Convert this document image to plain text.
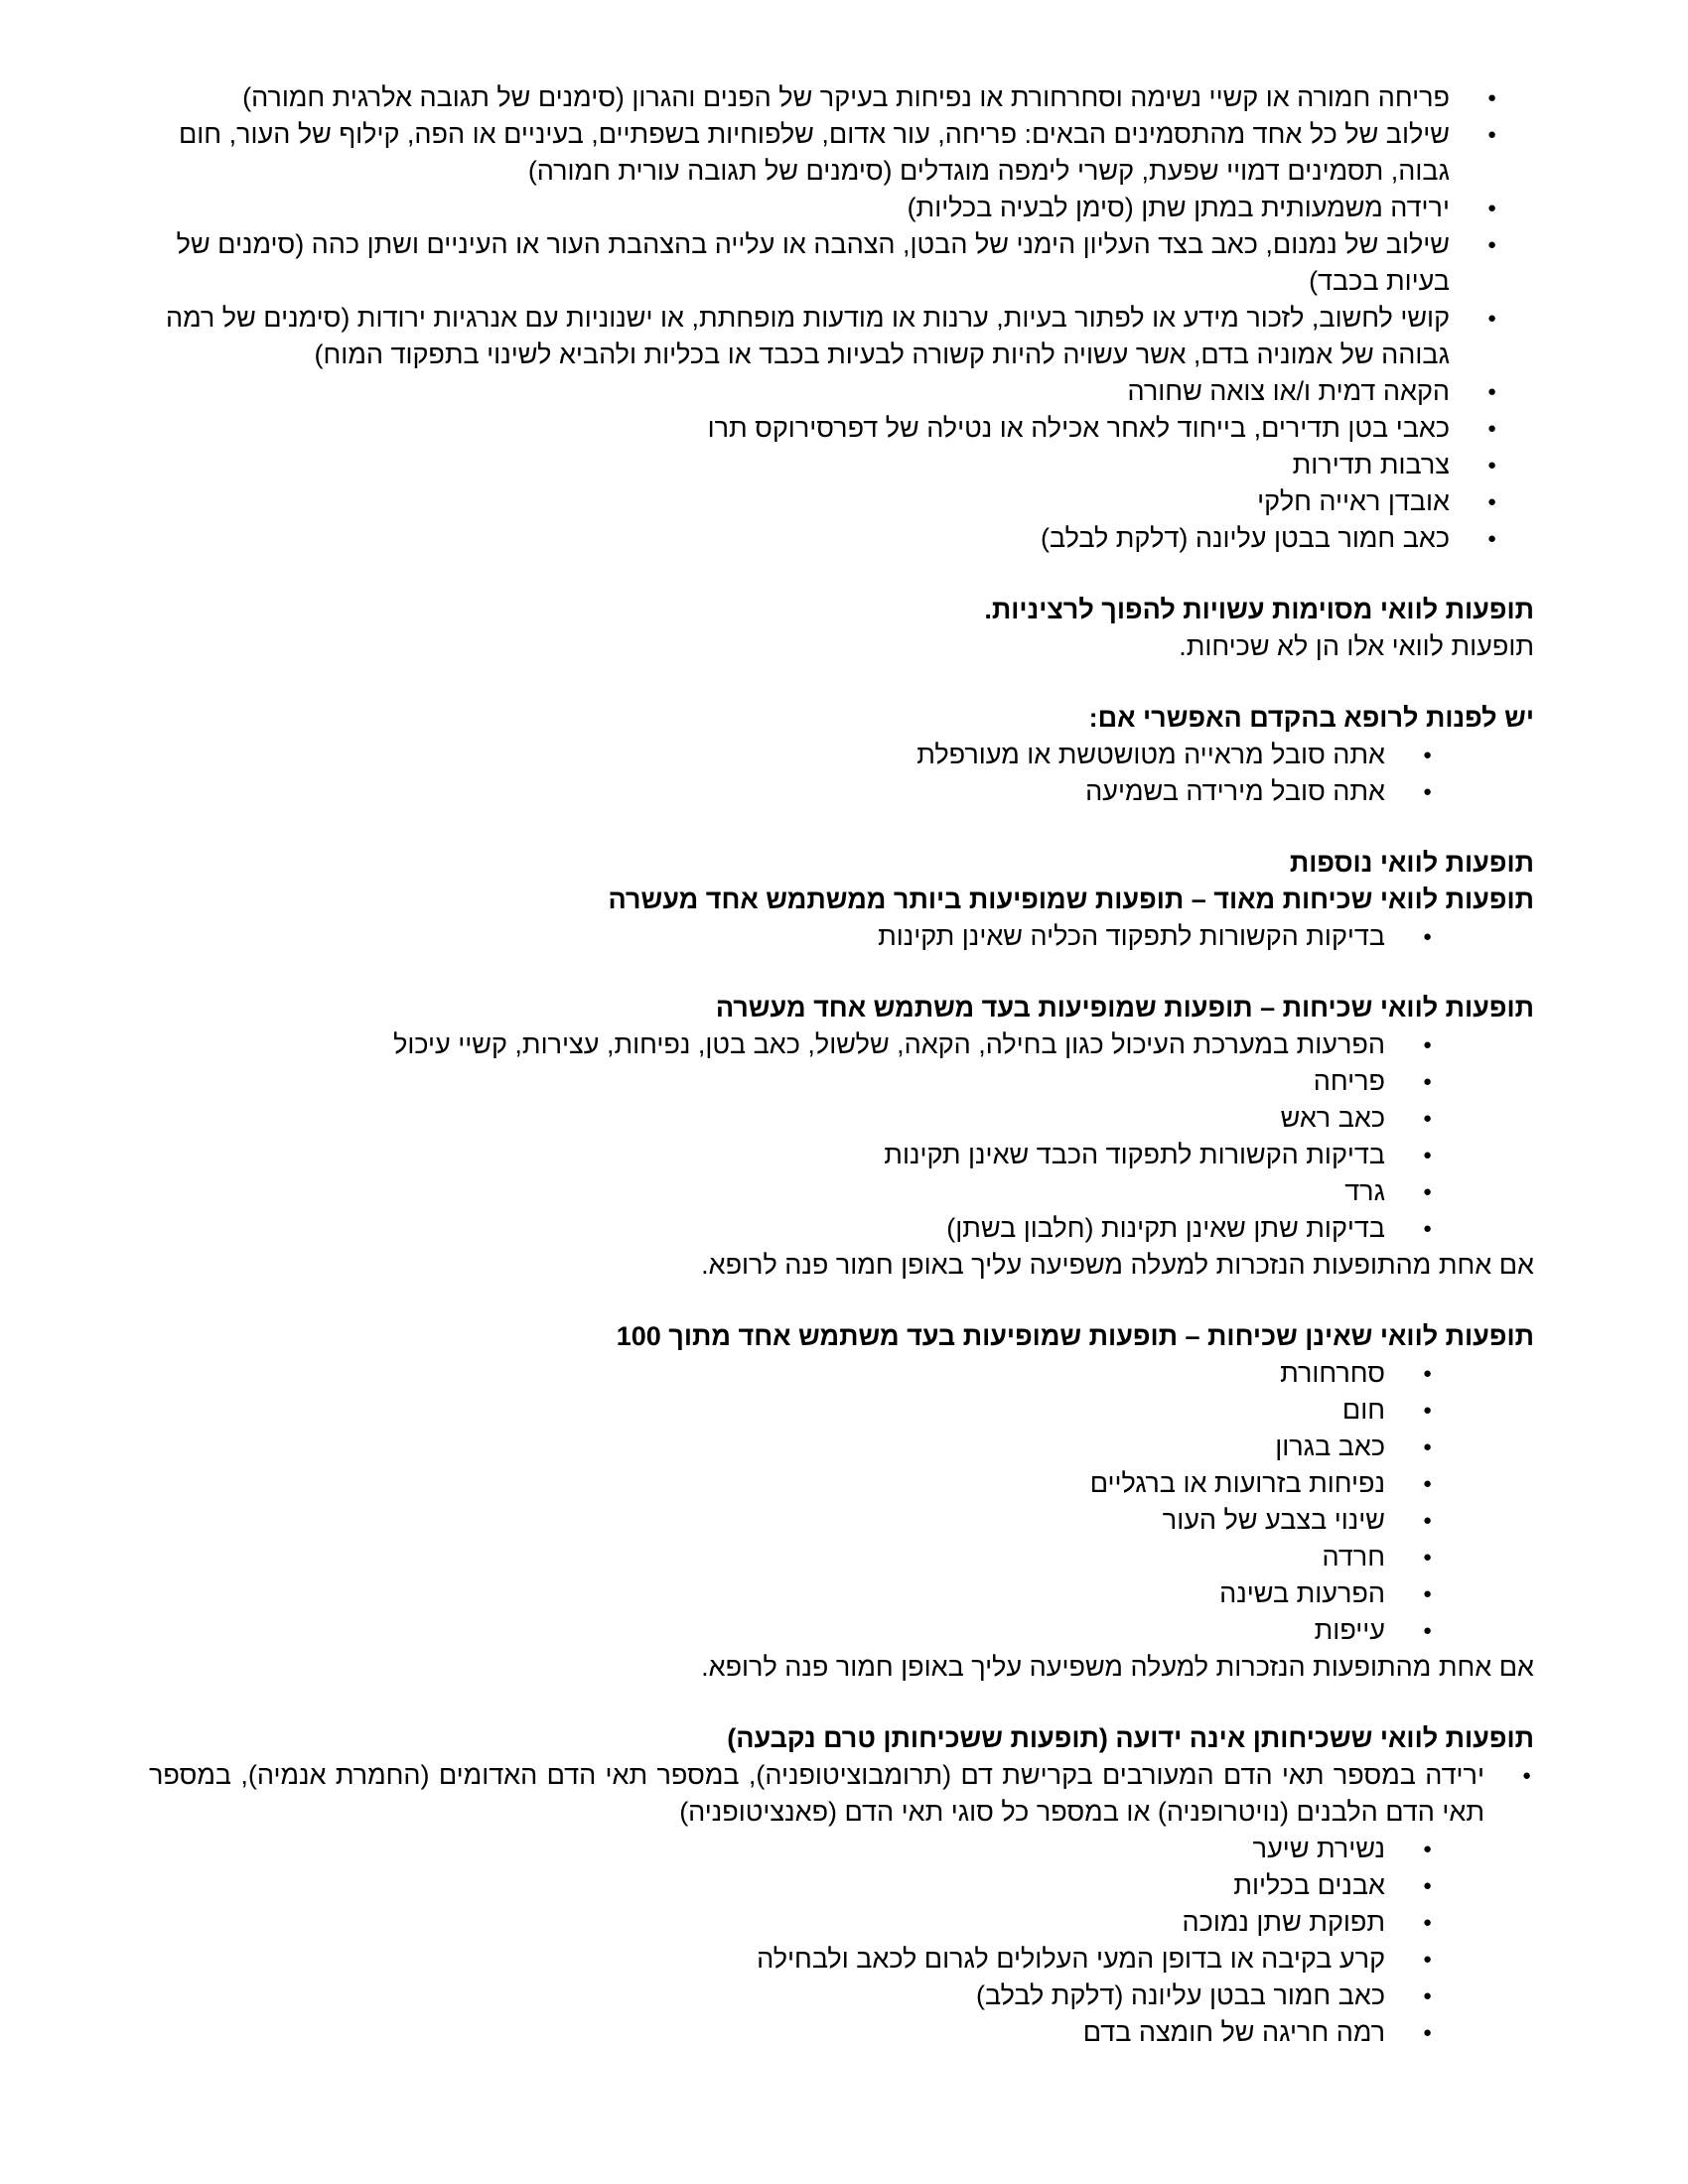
● פריחה חמורה או קשיי נשימה וסחרחורת או נפיחות בעיקר של הפנים והגרון (סימנים של תגובה אלרגית חמורה)
● שילוב של כל אחד מהתסמינים הבאים: פריחה, עור אדום, שלפוחיות בשפתיים, בעיניים או הפה, קילוף של העור, חום גבוה, תסמינים דמויי שפעת, קשרי לימפה מוגדלים (סימנים של תגובה עורית חמורה)
● ירידה משמעותית במתן שתן (סימן לבעיה בכליות)
● שילוב של נמנום, כאב בצד העליון הימני של הבטן, הצהבה או עלייה בהצהבת העור או העיניים ושתן כהה (סימנים של בעיות בכבד)
● קושי לחשוב, לזכור מידע או לפתור בעיות, ערנות או מודעות מופחתת, או ישנוניות עם אנרגיות ירודות (סימנים של רמה גבוהה של אמוניה בדם, אשר עשויה להיות קשורה לבעיות בכבד או בכליות ולהביא לשינוי בתפקוד המוח)
● הקאה דמית ו/או צואה שחורה
● כאבי בטן תדירים, בייחוד לאחר אכילה או נטילה של דפרסירוקס תרו
● צרבות תדירות
● אובדן ראייה חלקי
● כאב חמור בבטן עליונה (דלקת לבלב)
תופעות לוואי מסוימות עשויות להפוך לרציניות.

תופעות לוואי אלו הן לא שכיחות.

יש לפנות לרופא בהקדם האפשרי אם:
● אתה סובל מראייה מטושטשת או מעורפלת
● אתה סובל מירידה בשמיעה
תופעות לוואי נוספות
תופעות לוואי שכיחות מאוד – תופעות שמופיעות ביותר ממשתמש אחד מעשרה
● בדיקות הקשורות לתפקוד הכליה שאינן תקינות
תופעות לוואי שכיחות – תופעות שמופיעות בעד משתמש אחד מעשרה
● הפרעות במערכת העיכול כגון בחילה, הקאה, שלשול, כאב בטן, נפיחות, עצירות, קשיי עיכול
● פריחה
● כאב ראש
● בדיקות הקשורות לתפקוד הכבד שאינן תקינות
● גרד
● בדיקות שתן שאינן תקינות (חלבון בשתן)

אם אחת מהתופעות הנזכרות למעלה משפיעה עליך באופן חמור פנה לרופא.

תופעות לוואי שאינן שכיחות – תופעות שמופיעות בעד משתמש אחד מתוך 100
● סחרחורת
● חום
● כאב בגרון
● נפיחות בזרועות או ברגליים
● שינוי בצבע של העור
● חרדה
● הפרעות בשינה
● עייפות

אם אחת מהתופעות הנזכרות למעלה משפיעה עליך באופן חמור פנה לרופא.

תופעות לוואי ששכיחותן אינה ידועה (תופעות ששכיחותן טרם נקבעה)
● ירידה במספר תאי הדם המעורבים בקרישת דם (תרומבוציטופניה), במספר תאי הדם האדומים (החמרת אנמיה), במספר תאי הדם הלבנים (נויטרופניה) או במספר כל סוגי תאי הדם (פאנציטופניה)
● נשירת שיער
● אבנים בכליות
● תפוקת שתן נמוכה
● קרע בקיבה או בדופן המעי העלולים לגרום לכאב ולבחילה
● כאב חמור בבטן עליונה (דלקת לבלב)
● רמה חריגה של חומצה בדם
